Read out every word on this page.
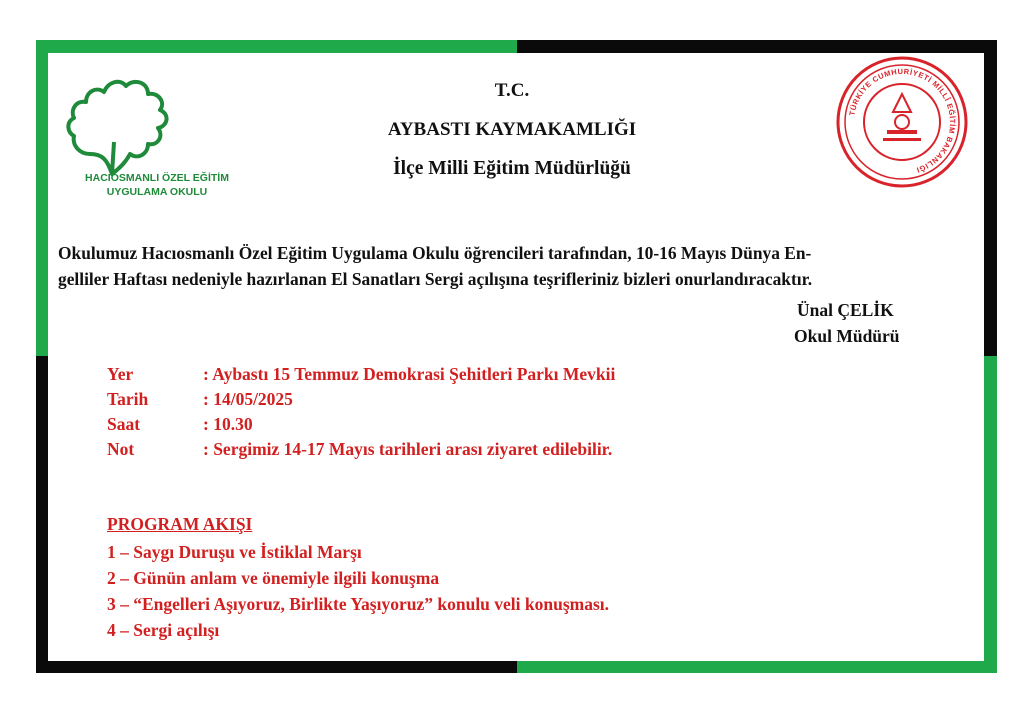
HACIOSMANLI ÖZEL EĞİTİM
UYGULAMA OKULU
TÜRKİYE CUMHURİYETİ MİLLÎ EĞİTİM BAKANLIĞI
T.C.
AYBASTI KAYMAKAMLIĞI
İlçe Milli Eğitim Müdürlüğü
Okulumuz Hacıosmanlı Özel Eğitim Uygulama Okulu öğrencileri tarafından, 10-16 Mayıs Dünya En-
gelliler Haftası nedeniyle hazırlanan El Sanatları Sergi açılışına teşrifleriniz bizleri onurlandıracaktır.
Ünal ÇELİK
Okul Müdürü
Yer	: Aybastı 15 Temmuz Demokrasi Şehitleri Parkı Mevkii
Tarih	: 14/05/2025
Saat	: 10.30
Not	: Sergimiz 14-17 Mayıs tarihleri arası ziyaret edilebilir.
PROGRAM AKIŞI
1 – Saygı Duruşu ve İstiklal Marşı
2 – Günün anlam ve önemiyle ilgili konuşma
3 – “Engelleri Aşıyoruz, Birlikte Yaşıyoruz” konulu veli konuşması.
4 – Sergi açılışı
